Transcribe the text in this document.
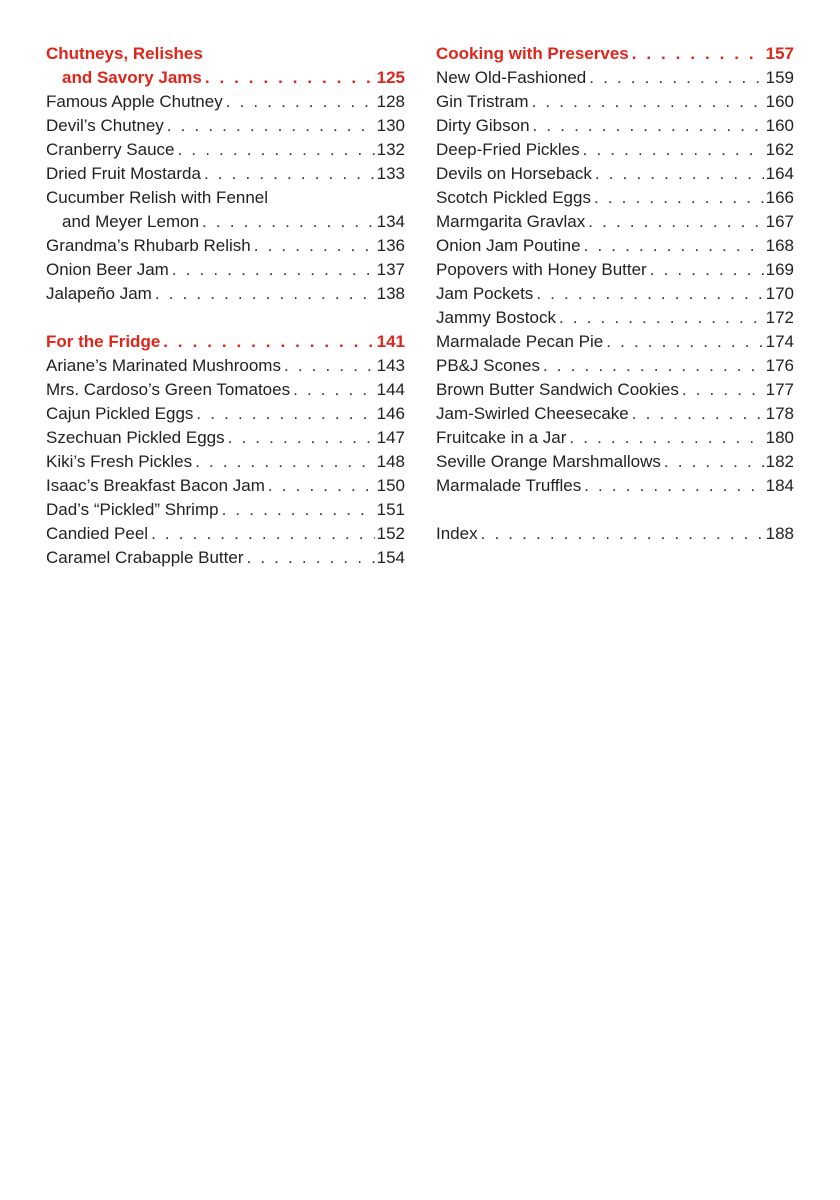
Chutneys, Relishes
and Savory Jams . . .	125
Famous Apple Chutney . . .	128
Devil’s Chutney . . .	130
Cranberry Sauce . . .	132
Dried Fruit Mostarda . . .	133
Cucumber Relish with Fennel
and Meyer Lemon . . .	134
Grandma’s Rhubarb Relish . . .	136
Onion Beer Jam . . .	137
Jalapeño Jam . . .	138
For the Fridge . . .	141
Ariane’s Marinated Mushrooms . . .	143
Mrs. Cardoso’s Green Tomatoes . . .	144
Cajun Pickled Eggs . . .	146
Szechuan Pickled Eggs . . .	147
Kiki’s Fresh Pickles . . .	148
Isaac’s Breakfast Bacon Jam . . .	150
Dad’s “Pickled” Shrimp . . .	151
Candied Peel . . .	152
Caramel Crabapple Butter . . .	154
Cooking with Preserves . . .	157
New Old-Fashioned . . .	159
Gin Tristram . . .	160
Dirty Gibson . . .	160
Deep-Fried Pickles . . .	162
Devils on Horseback . . .	164
Scotch Pickled Eggs . . .	166
Marmgarita Gravlax . . .	167
Onion Jam Poutine . . .	168
Popovers with Honey Butter . . .	169
Jam Pockets . . .	170
Jammy Bostock . . .	172
Marmalade Pecan Pie . . .	174
PB&J Scones . . .	176
Brown Butter Sandwich Cookies . . .	177
Jam-Swirled Cheesecake . . .	178
Fruitcake in a Jar . . .	180
Seville Orange Marshmallows . . .	182
Marmalade Truffles . . .	184
Index . . .	188
